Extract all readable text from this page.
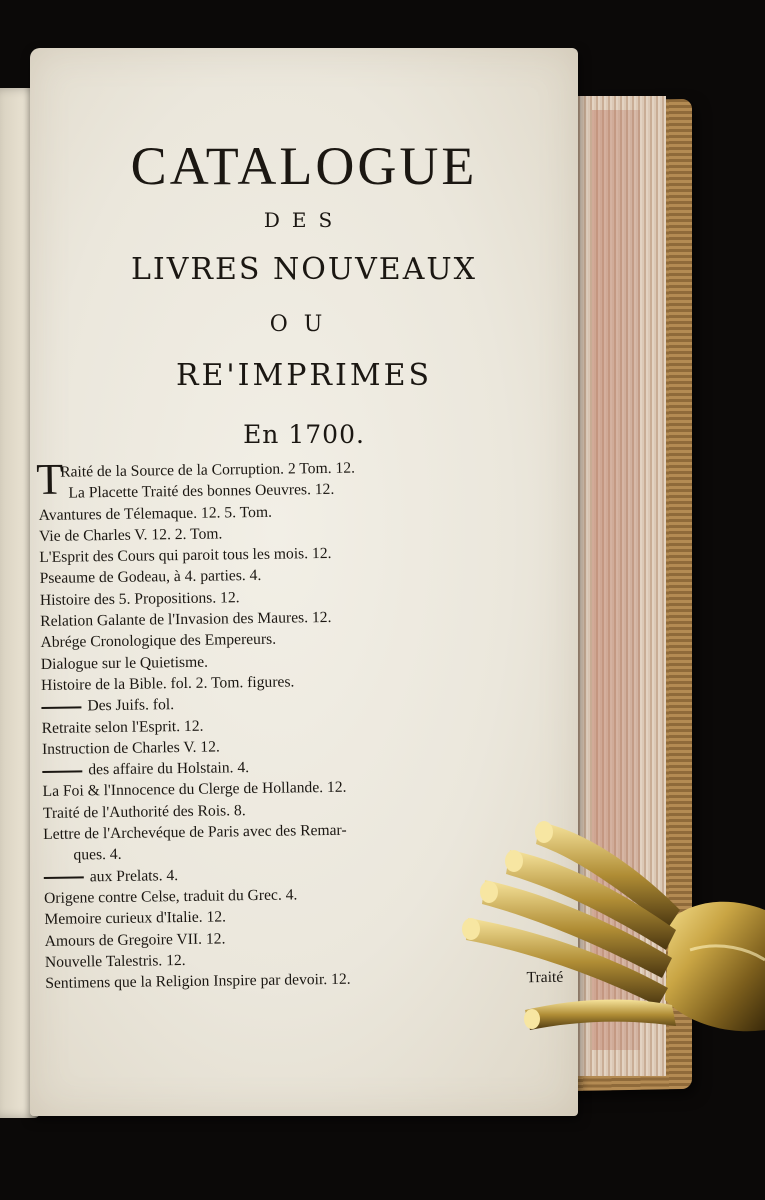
CATALOGUE
DES
LIVRES NOUVEAUX
OU
RE'IMPRIMES
En 1700.
T
Raité de la Source de la Corruption. 2 Tom. 12.
La Placette Traité des bonnes Oeuvres. 12.
Avantures de Télemaque. 12. 5. Tom.
Vie de Charles V. 12. 2. Tom.
L'Esprit des Cours qui paroit tous les mois. 12.
Pseaume de Godeau, à 4. parties. 4.
Histoire des 5. Propositions. 12.
Relation Galante de l'Invasion des Maures. 12.
Abrége Cronologique des Empereurs.
Dialogue sur le Quietisme.
Histoire de la Bible. fol. 2. Tom. figures.
Des Juifs. fol.
Retraite selon l'Esprit. 12.
Instruction de Charles V. 12.
des affaire du Holstain. 4.
La Foi & l'Innocence du Clerge de Hollande. 12.
Traité de l'Authorité des Rois. 8.
Lettre de l'Archevéque de Paris avec des Remar-
ques. 4.
aux Prelats. 4.
Origene contre Celse, traduit du Grec. 4.
Memoire curieux d'Italie. 12.
Amours de Gregoire VII. 12.
Nouvelle Talestris. 12.
Sentimens que la Religion Inspire par devoir. 12.	Traité
